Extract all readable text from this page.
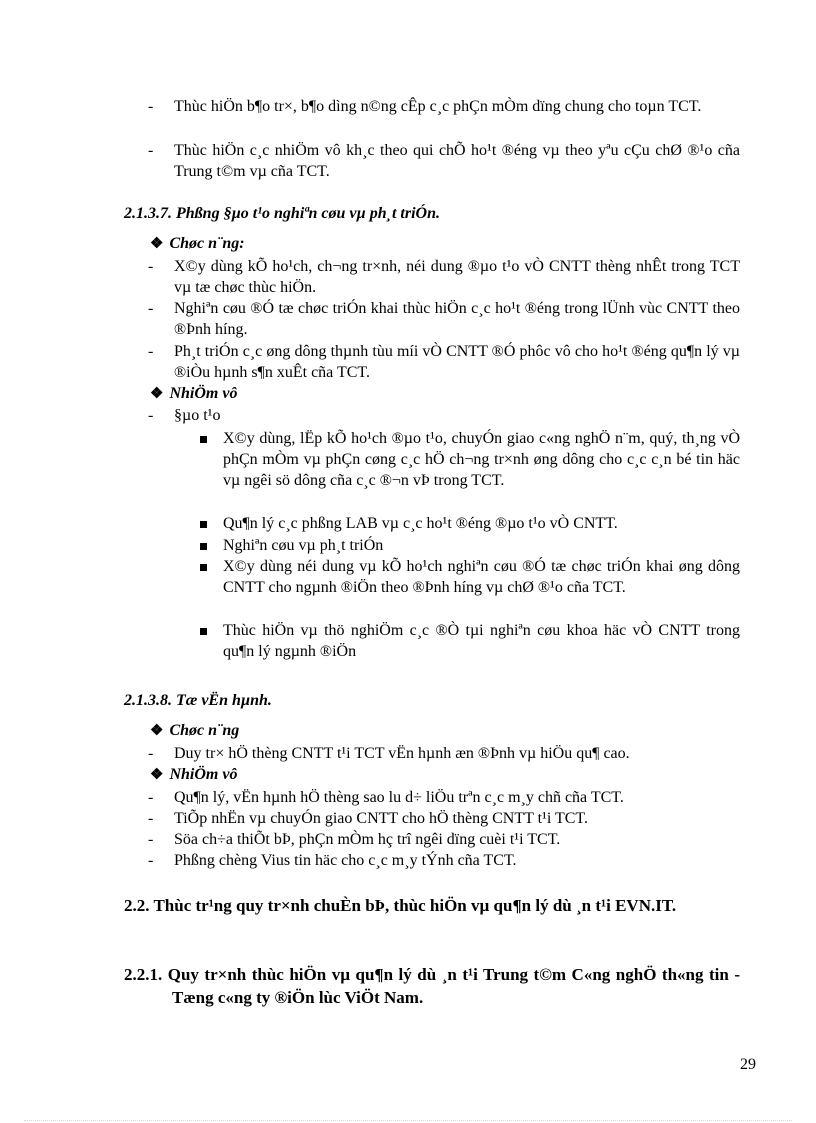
- Thùc hiÖn b¶o tr×, b¶o dìng n©ng cÊp c¸c phÇn mÒm dïng chung cho toµn TCT.
- Thùc hiÖn c¸c nhiÖm vô kh¸c theo qui chÕ ho¹t ®éng vµ theo yªu cÇu chØ ®¹o cña Trung t©m vµ cña TCT.
2.1.3.7. Phßng §µo t¹o nghiªn cøu vµ ph¸t triÓn.
❖ Chøc n¨ng:
- X©y dùng kÕ ho¹ch, ch¬ng tr×nh, néi dung ®µo t¹o vÒ CNTT thèng nhÊt trong TCT vµ tæ chøc thùc hiÖn.
- Nghiªn cøu ®Ó tæ chøc triÓn khai thùc hiÖn c¸c ho¹t ®éng trong lÜnh vùc CNTT theo ®Þnh híng.
- Ph¸t triÓn c¸c øng dông thµnh tùu míi vÒ CNTT ®Ó phôc vô cho ho¹t ®éng qu¶n lý vµ ®iÒu hµnh s¶n xuÊt cña TCT.
❖ NhiÖm vô
- §µo t¹o
X©y dùng, lËp kÕ ho¹ch ®µo t¹o, chuyÓn giao c«ng nghÖ n¨m, quý, th¸ng vÒ phÇn mÒm vµ phÇn cøng c¸c hÖ ch¬ng tr×nh øng dông cho c¸c c¸n bé tin häc vµ ngêi sö dông cña c¸c ®¬n vÞ trong TCT.
Qu¶n lý c¸c phßng LAB vµ c¸c ho¹t ®éng ®µo t¹o vÒ CNTT.
Nghiªn cøu vµ ph¸t triÓn
X©y dùng néi dung vµ kÕ ho¹ch nghiªn cøu ®Ó tæ chøc triÓn khai øng dông CNTT cho ngµnh ®iÖn theo ®Þnh híng vµ chØ ®¹o cña TCT.
Thùc hiÖn vµ thö nghiÖm c¸c ®Ò tµi nghiªn cøu khoa häc vÒ CNTT trong qu¶n lý ngµnh ®iÖn
2.1.3.8. Tæ vËn hµnh.
❖ Chøc n¨ng
- Duy tr× hÖ thèng CNTT t¹i TCT vËn hµnh æn ®Þnh vµ hiÖu qu¶ cao.
❖ NhiÖm vô
- Qu¶n lý, vËn hµnh hÖ thèng sao lu d÷ liÖu trªn c¸c m¸y chñ cña TCT.
- TiÕp nhËn vµ chuyÓn giao CNTT cho hÖ thèng CNTT t¹i TCT.
- Söa ch÷a thiÕt bÞ, phÇn mÒm hç trî ngêi dïng cuèi t¹i TCT.
- Phßng chèng Vius tin häc cho c¸c m¸y tÝnh cña TCT.
2.2. Thùc tr¹ng quy tr×nh chuÈn bÞ, thùc hiÖn vµ qu¶n lý dù ¸n t¹i EVN.IT.
2.2.1. Quy tr×nh thùc hiÖn vµ qu¶n lý dù ¸n t¹i Trung t©m C«ng nghÖ th«ng tin - Tæng c«ng ty ®iÖn lùc ViÖt Nam.
29
